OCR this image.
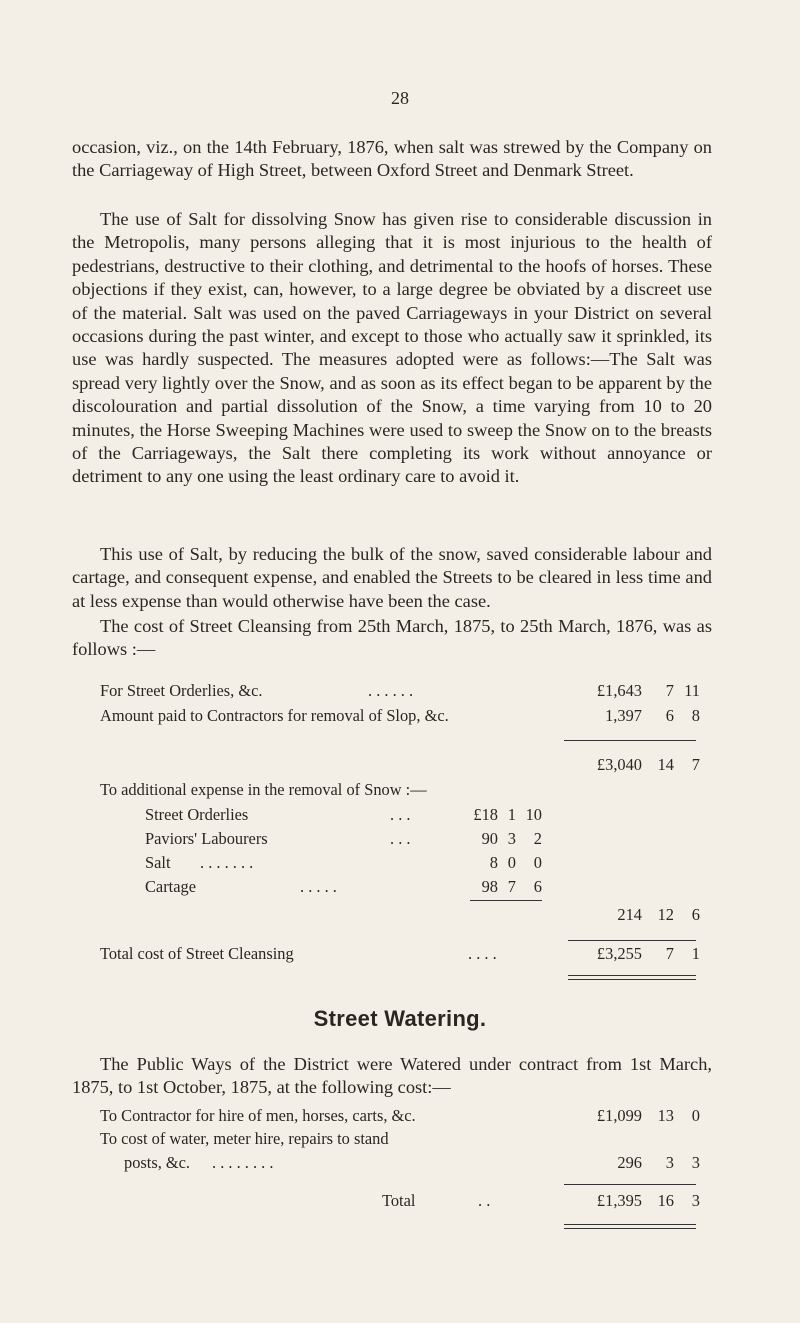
28

occasion, viz., on the 14th February, 1876, when salt was strewed by the Company on the Carriageway of High Street, between Oxford Street and Denmark Street.

The use of Salt for dissolving Snow has given rise to considerable discussion in the Metropolis, many persons alleging that it is most injurious to the health of pedestrians, destructive to their clothing, and detrimental to the hoofs of horses. These objections if they exist, can, however, to a large degree be obviated by a discreet use of the material. Salt was used on the paved Carriageways in your District on several occasions during the past winter, and except to those who actually saw it sprinkled, its use was hardly suspected. The measures adopted were as follows:—The Salt was spread very lightly over the Snow, and as soon as its effect began to be apparent by the discolouration and partial dissolution of the Snow, a time varying from 10 to 20 minutes, the Horse Sweeping Machines were used to sweep the Snow on to the breasts of the Carriageways, the Salt there completing its work without annoyance or detriment to any one using the least ordinary care to avoid it.

This use of Salt, by reducing the bulk of the snow, saved considerable labour and cartage, and consequent expense, and enabled the Streets to be cleared in less time and at less expense than would otherwise have been the case.

The cost of Street Cleansing from 25th March, 1875, to 25th March, 1876, was as follows :—

For Street Orderlies, &c.	. . . . . .	£1,643	7 11
Amount paid to Contractors for removal of Slop, &c.	1,397	6	8
£3,040 14	7
To additional expense in the removal of Snow :—
Street Orderlies	. . .	£18 1 10
Paviors' Labourers	. . .	90 3	2
Salt . . . . . . .	8 0	0
Cartage	. . . . .	98 7	6
214 12	6
Total cost of Street Cleansing	. . . .	£3,255	7	1
Street Watering.

The Public Ways of the District were Watered under contract from 1st March, 1875, to 1st October, 1875, at the following cost:—

To Contractor for hire of men, horses, carts, &c.	£1,099 13	0
To cost of water, meter hire, repairs to stand
posts, &c. . . . . . . . .	296	3	3
Total	. .	£1,395 16	3
